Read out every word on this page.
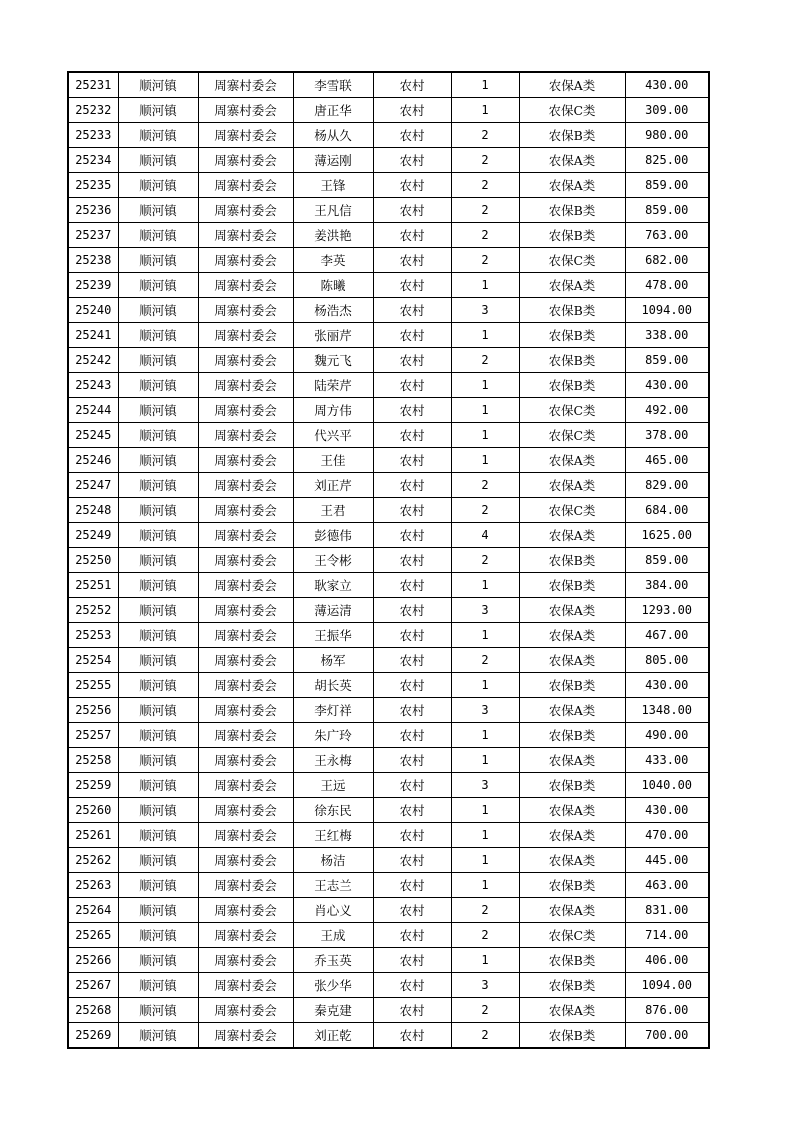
25231	顺河镇	周寨村委会	李雪联	农村	1	农保A类	430.00
25232	顺河镇	周寨村委会	唐正华	农村	1	农保C类	309.00
25233	顺河镇	周寨村委会	杨从久	农村	2	农保B类	980.00
25234	顺河镇	周寨村委会	薄运刚	农村	2	农保A类	825.00
25235	顺河镇	周寨村委会	王锋	农村	2	农保A类	859.00
25236	顺河镇	周寨村委会	王凡信	农村	2	农保B类	859.00
25237	顺河镇	周寨村委会	姜洪艳	农村	2	农保B类	763.00
25238	顺河镇	周寨村委会	李英	农村	2	农保C类	682.00
25239	顺河镇	周寨村委会	陈曦	农村	1	农保A类	478.00
25240	顺河镇	周寨村委会	杨浩杰	农村	3	农保B类	1094.00
25241	顺河镇	周寨村委会	张丽芹	农村	1	农保B类	338.00
25242	顺河镇	周寨村委会	魏元飞	农村	2	农保B类	859.00
25243	顺河镇	周寨村委会	陆荣芹	农村	1	农保B类	430.00
25244	顺河镇	周寨村委会	周方伟	农村	1	农保C类	492.00
25245	顺河镇	周寨村委会	代兴平	农村	1	农保C类	378.00
25246	顺河镇	周寨村委会	王佳	农村	1	农保A类	465.00
25247	顺河镇	周寨村委会	刘正芹	农村	2	农保A类	829.00
25248	顺河镇	周寨村委会	王君	农村	2	农保C类	684.00
25249	顺河镇	周寨村委会	彭德伟	农村	4	农保A类	1625.00
25250	顺河镇	周寨村委会	王令彬	农村	2	农保B类	859.00
25251	顺河镇	周寨村委会	耿家立	农村	1	农保B类	384.00
25252	顺河镇	周寨村委会	薄运清	农村	3	农保A类	1293.00
25253	顺河镇	周寨村委会	王振华	农村	1	农保A类	467.00
25254	顺河镇	周寨村委会	杨军	农村	2	农保A类	805.00
25255	顺河镇	周寨村委会	胡长英	农村	1	农保B类	430.00
25256	顺河镇	周寨村委会	李灯祥	农村	3	农保A类	1348.00
25257	顺河镇	周寨村委会	朱广玲	农村	1	农保B类	490.00
25258	顺河镇	周寨村委会	王永梅	农村	1	农保A类	433.00
25259	顺河镇	周寨村委会	王远	农村	3	农保B类	1040.00
25260	顺河镇	周寨村委会	徐东民	农村	1	农保A类	430.00
25261	顺河镇	周寨村委会	王红梅	农村	1	农保A类	470.00
25262	顺河镇	周寨村委会	杨洁	农村	1	农保A类	445.00
25263	顺河镇	周寨村委会	王志兰	农村	1	农保B类	463.00
25264	顺河镇	周寨村委会	肖心义	农村	2	农保A类	831.00
25265	顺河镇	周寨村委会	王成	农村	2	农保C类	714.00
25266	顺河镇	周寨村委会	乔玉英	农村	1	农保B类	406.00
25267	顺河镇	周寨村委会	张少华	农村	3	农保B类	1094.00
25268	顺河镇	周寨村委会	秦克建	农村	2	农保A类	876.00
25269	顺河镇	周寨村委会	刘正乾	农村	2	农保B类	700.00
